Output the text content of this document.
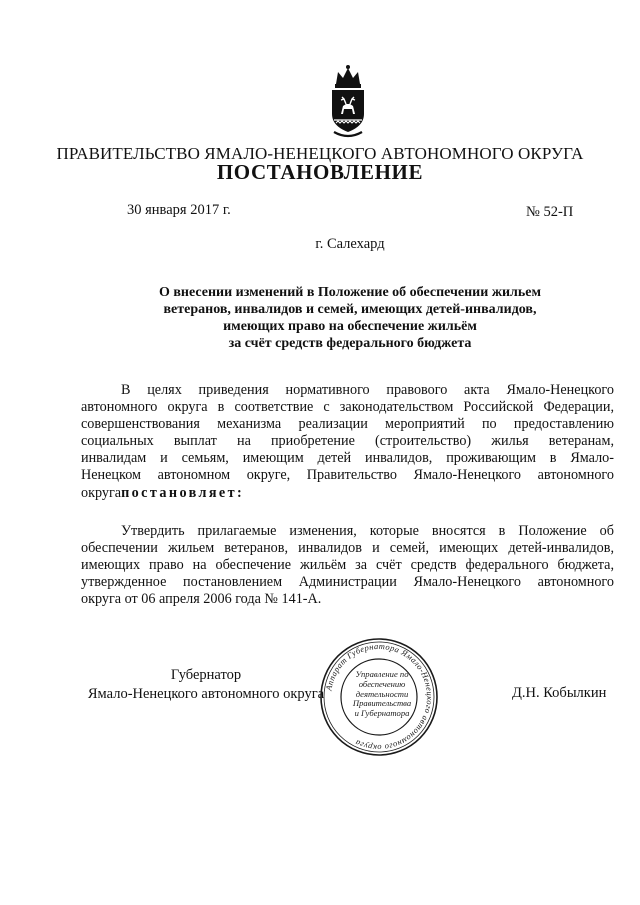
ПРАВИТЕЛЬСТВО ЯМАЛО-НЕНЕЦКОГО АВТОНОМНОГО ОКРУГА
ПОСТАНОВЛЕНИЕ
30 января 2017 г.	№ 52-П
г. Салехард
О внесении изменений в Положение об обеспечении жильем
ветеранов, инвалидов и семей, имеющих детей-инвалидов,
имеющих право на обеспечение жильём
за счёт средств федерального бюджета
В целях приведения нормативного правового акта Ямало-Ненецкого
автономного округа в соответствие с законодательством Российской Федерации,
совершенствования механизма реализации мероприятий по предоставлению
социальных выплат на приобретение (строительство) жилья ветеранам,
инвалидам и семьям, имеющим детей инвалидов, проживающим в Ямало-
Ненецком автономном округе, Правительство Ямало-Ненецкого автономного
округапостановляет:
Утвердить прилагаемые изменения, которые вносятся в Положение об
обеспечении жильем ветеранов, инвалидов и семей, имеющих детей-инвалидов,
имеющих право на обеспечение жильём за счёт средств федерального бюджета,
утвержденное постановлением Администрации Ямало-Ненецкого автономного
округа от 06 апреля 2006 года № 141-А.
Губернатор
Ямало-Ненецкого автономного округа	Д.Н. Кобылкин
Аппарат Губернатора Ямало-Ненецкого автономного округа
Управление по
обеспечению
деятельности
Правительства
и Губернатора
